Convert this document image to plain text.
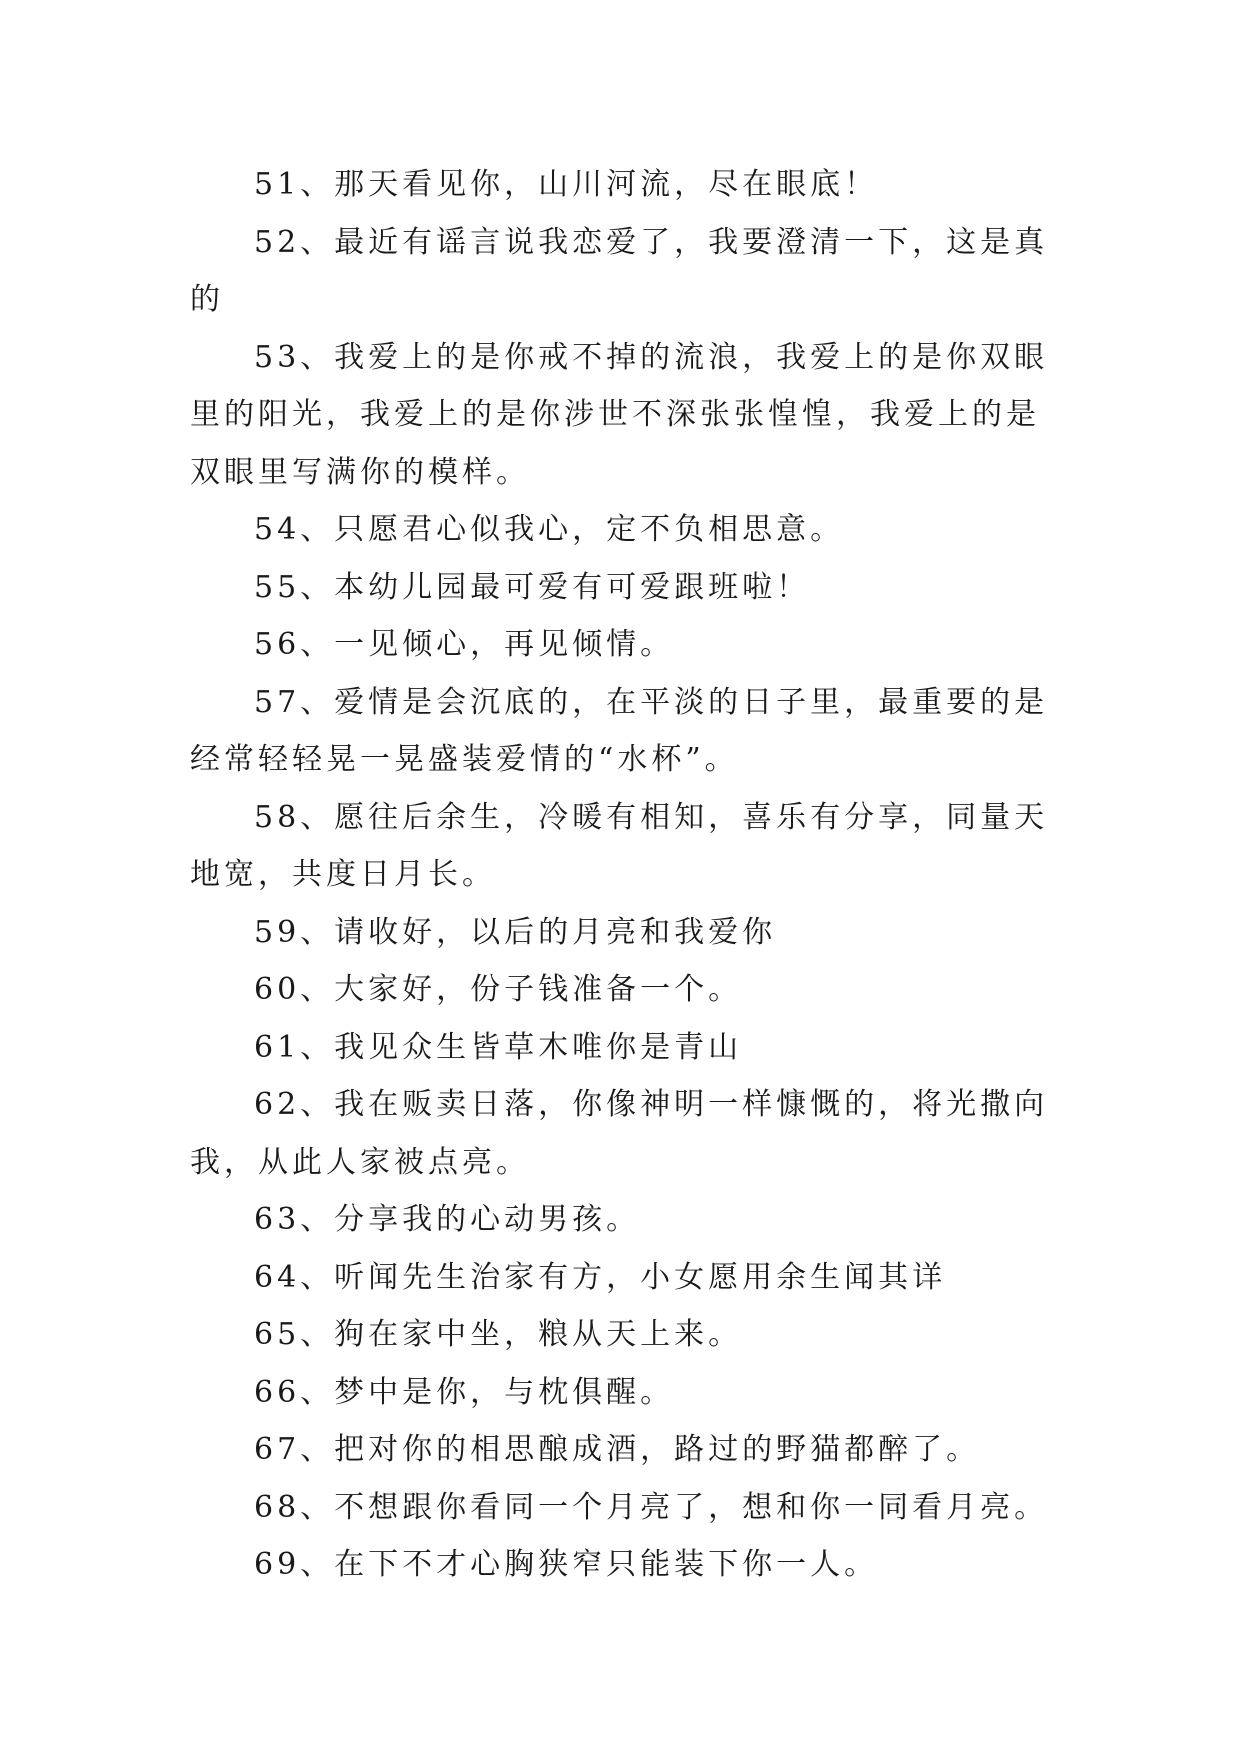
51、那天看见你，山川河流，尽在眼底！

52、最近有谣言说我恋爱了，我要澄清一下，这是真的

53、我爱上的是你戒不掉的流浪，我爱上的是你双眼里的阳光，我爱上的是你涉世不深张张惶惶，我爱上的是双眼里写满你的模样。

54、只愿君心似我心，定不负相思意。

55、本幼儿园最可爱有可爱跟班啦！

56、一见倾心，再见倾情。

57、爱情是会沉底的，在平淡的日子里，最重要的是经常轻轻晃一晃盛装爱情的“水杯”。

58、愿往后余生，冷暖有相知，喜乐有分享，同量天地宽，共度日月长。

59、请收好，以后的月亮和我爱你

60、大家好，份子钱准备一个。

61、我见众生皆草木唯你是青山

62、我在贩卖日落，你像神明一样慷慨的，将光撒向我，从此人家被点亮。

63、分享我的心动男孩。

64、听闻先生治家有方，小女愿用余生闻其详

65、狗在家中坐，粮从天上来。

66、梦中是你，与枕俱醒。

67、把对你的相思酿成酒，路过的野猫都醉了。

68、不想跟你看同一个月亮了，想和你一同看月亮。

69、在下不才心胸狭窄只能装下你一人。
